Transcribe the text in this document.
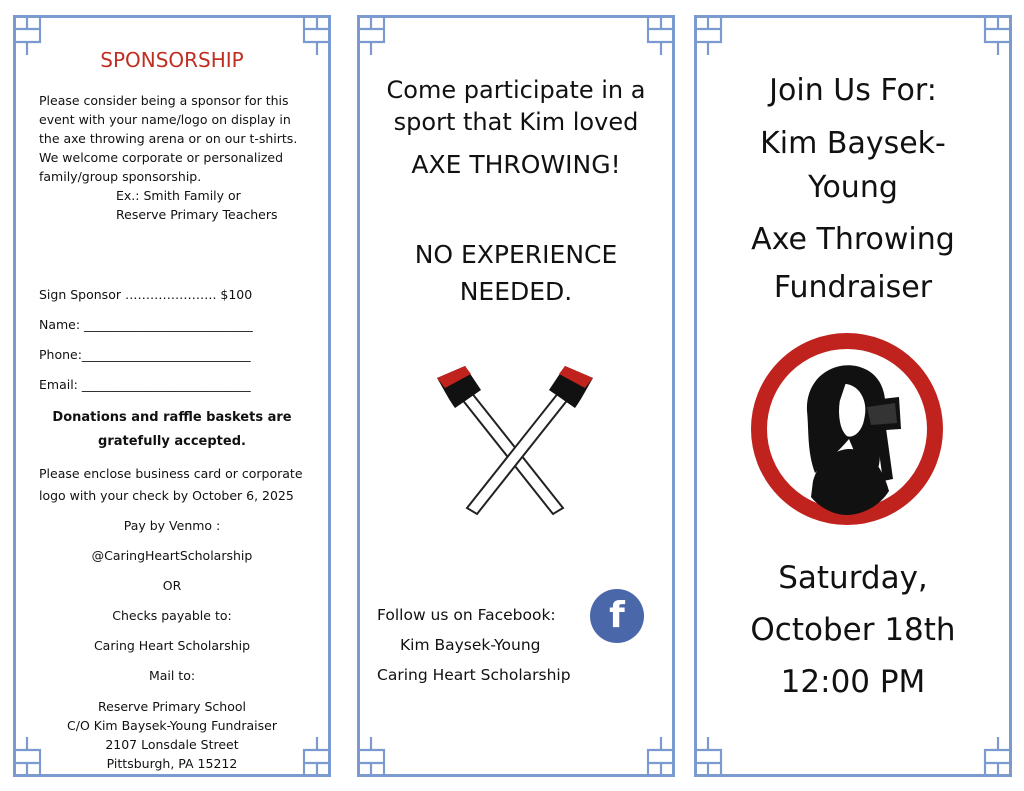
SPONSORSHIP
Please consider being a sponsor for this
event with your name/logo on display in
the axe throwing arena or on our t-shirts.
We welcome corporate or personalized
family/group sponsorship.
Ex.: Smith Family or
Reserve Primary Teachers
Sign Sponsor …………………. $100
Name: ___________________________
Phone:___________________________
Email: ___________________________
Donations and raffle baskets are
gratefully accepted.
Please enclose business card or corporate
logo with your check by October 6, 2025
Pay by Venmo :
@CaringHeartScholarship
OR
Checks payable to:
Caring Heart Scholarship
Mail to:
Reserve Primary School
C/O Kim Baysek-Young Fundraiser
2107 Lonsdale Street
Pittsburgh, PA 15212
Come participate in a
sport that Kim loved
AXE THROWING!
NO EXPERIENCE
NEEDED.
Follow us on Facebook:
Kim Baysek-Young
Caring Heart Scholarship
f
Join Us For:
Kim Baysek-
Young
Axe Throwing
Fundraiser
Saturday,
October 18th
12:00 PM
